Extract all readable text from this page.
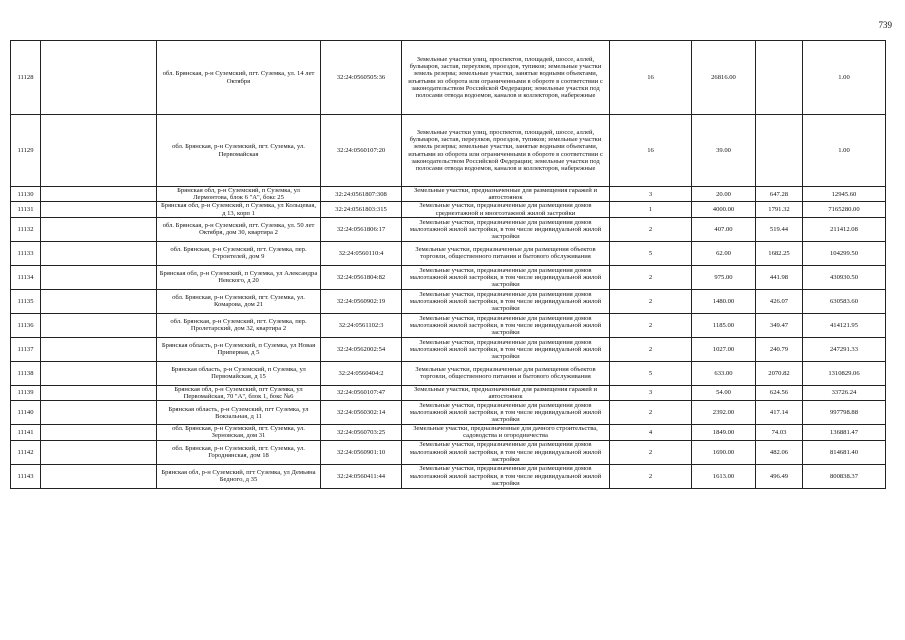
739
11128		обл. Брянская, р-н Суземский, пгт. Суземка, ул. 14 лет Октября	32:24:0560505:36	Земельные участки улиц, проспектов, площадей, шоссе, аллей, бульваров, застав, переулков, проездов, тупиков; земельные участки земель резерва; земельные участки, занятые водными объектами, изъятыми из оборота или ограниченными в обороте в соответствии с законодательством Российской Федерации; земельные участки под полосами отвода водоемов, каналов и коллекторов, набережные	16	26816.00		1.00
11129		обл. Брянская, р-н Суземский, пгт. Суземка, ул. Первомайская	32:24:0560107:20	Земельные участки улиц, проспектов, площадей, шоссе, аллей, бульваров, застав, переулков, проездов, тупиков; земельные участки земель резерва; земельные участки, занятые водными объектами, изъятыми из оборота или ограниченными в обороте в соответствии с законодательством Российской Федерации; земельные участки под полосами отвода водоемов, каналов и коллекторов, набережные	16	39.00		1.00
11130		Брянская обл, р-н Суземский, п Суземка, ул Лермонтова, блок 6 "А", бокс 25	32:24:0561807:308	Земельные участки, предназначенные для размещения гаражей и автостоянок	3	20.00	647.28	12945.60
11131		Брянская обл, р-н Суземский, п Суземка, ул Кольцевая, д 13, корп 1	32:24:0561803:315	Земельные участки, предназначенные для размещения домов среднеэтажной и многоэтажной жилой застройки	1	4000.00	1791.32	7165280.00
11132		обл. Брянская, р-н Суземский, пгт. Суземка, ул. 50 лет Октября, дом 30, квартира 2	32:24:0561806:17	Земельные участки, предназначенные для размещения домов малоэтажной жилой застройки, в том числе индивидуальной жилой застройки	2	407.00	519.44	211412.08
11133		обл. Брянская, р-н Суземский, пгт. Суземка, пер. Строителей, дом 9	32:24:0560110:4	Земельные участки, предназначенные для размещения объектов торговли, общественного питания и бытового обслуживания	5	62.00	1682.25	104299.50
11134		Брянская обл, р-н Суземский, п Суземка, ул Александра Невского, д 20	32:24:0561804:82	Земельные участки, предназначенные для размещения домов малоэтажной жилой застройки, в том числе индивидуальной жилой застройки	2	975.00	441.98	430930.50
11135		обл. Брянская, р-н Суземский, пгт. Суземка, ул. Комарова, дом 21	32:24:0560902:19	Земельные участки, предназначенные для размещения домов малоэтажной жилой застройки, в том числе индивидуальной жилой застройки	2	1480.00	426.07	630583.60
11136		обл. Брянская, р-н Суземский, пгт. Суземка, пер. Пролетарский, дом 32, квартира 2	32:24:0561102:3	Земельные участки, предназначенные для размещения домов малоэтажной жилой застройки, в том числе индивидуальной жилой застройки	2	1185.00	349.47	414121.95
11137		Брянская область, р-н Суземский, п Суземка, ул Новая Припервая, д 5	32:24:0562002:54	Земельные участки, предназначенные для размещения домов малоэтажной жилой застройки, в том числе индивидуальной жилой застройки	2	1027.00	240.79	247291.33
11138		Брянская область, р-н Суземский, п Суземка, ул Первомайская, д 15	32:24:0560404:2	Земельные участки, предназначенные для размещения объектов торговли, общественного питания и бытового обслуживания	5	633.00	2070.82	1310829.06
11139		Брянская обл, р-н Суземский, пгт Суземка, ул Первомайская, 70 "А", блок 1, бокс №6	32:24:0560107:47	Земельные участки, предназначенные для размещения гаражей и автостоянок	3	54.00	624.56	33726.24
11140		Брянская область, р-н Суземский, пгт Суземка, ул Вокзальная, д 11	32:24:0560302:14	Земельные участки, предназначенные для размещения домов малоэтажной жилой застройки, в том числе индивидуальной жилой застройки	2	2392.00	417.14	997798.88
11141		обл. Брянская, р-н Суземский, пгт. Суземка, ул. Зерновская, дом 31	32:24:0560703:25	Земельные участки, предназначенные для дачного строительства, садоводства и огородничества	4	1849.00	74.03	136881.47
11142		обл. Брянская, р-н Суземский, пгт. Суземка, ул. Городнянская, дом 18	32:24:0560901:10	Земельные участки, предназначенные для размещения домов малоэтажной жилой застройки, в том числе индивидуальной жилой застройки	2	1690.00	482.06	814681.40
11143		Брянская обл, р-н Суземский, пгт Суземка, ул Демьяна Бедного, д 35	32:24:0560411:44	Земельные участки, предназначенные для размещения домов малоэтажной жилой застройки, в том числе индивидуальной жилой застройки	2	1613.00	496.49	800838.37
